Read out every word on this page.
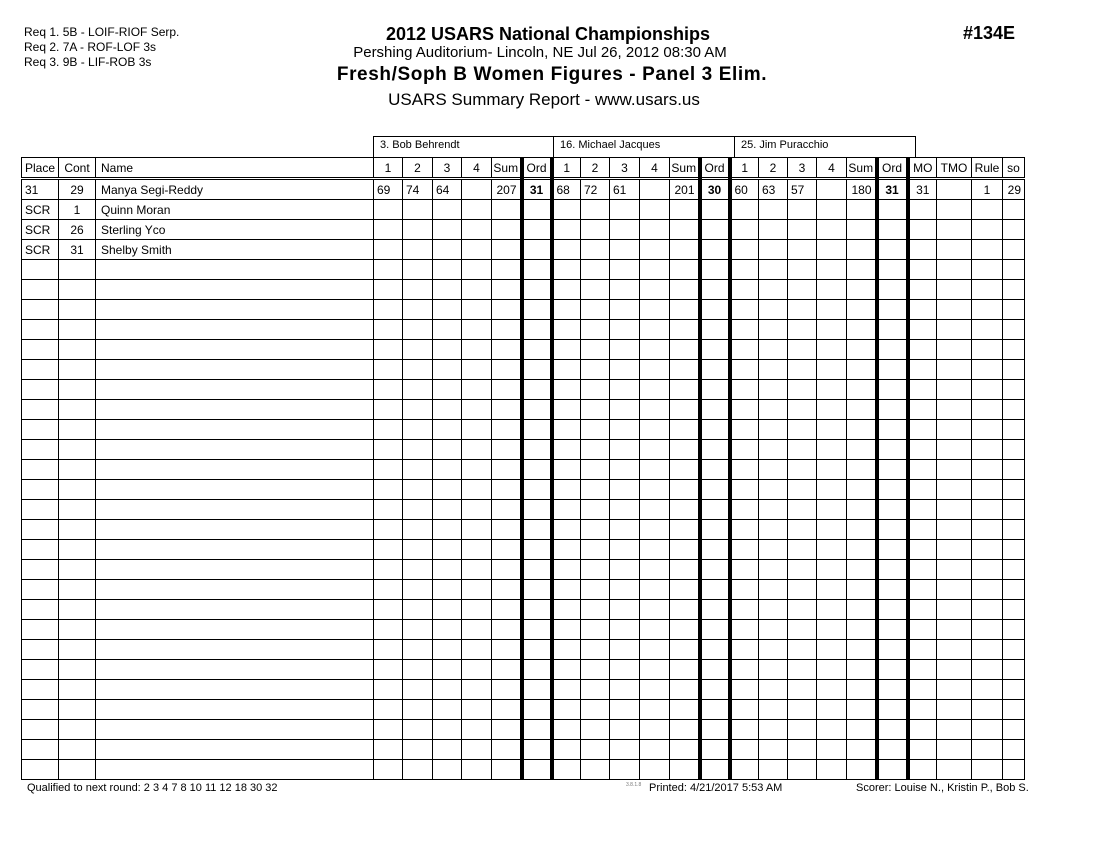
Req 1. 5B - LOIF-RIOF Serp.
Req 2. 7A - ROF-LOF 3s
Req 3. 9B - LIF-ROB 3s
2012 USARS National Championships
Pershing Auditorium- Lincoln, NE Jul 26, 2012 08:30 AM
Fresh/Soph B Women Figures - Panel 3 Elim.
USARS Summary Report - www.usars.us
#134E
3. Bob Behrendt	16. Michael Jacques	25. Jim Puracchio
Place	Cont	Name	1	2	3	4	Sum	Ord	1	2	3	4	Sum	Ord	1	2	3	4	Sum	Ord	MO	TMO	Rule	so
31	29	Manya Segi-Reddy	69	74	64		207	31	68	72	61		201	30	60	63	57		180	31	31		1	29
SCR	1	Quinn Moran																						
SCR	26	Sterling Yco																						
SCR	31	Shelby Smith																						

Qualified to next round: 2 3 4 7 8 10 11 12 18 30 32	3.8.1.8 Printed: 4/21/2017 5:53 AM	Scorer: Louise N., Kristin P., Bob S.
